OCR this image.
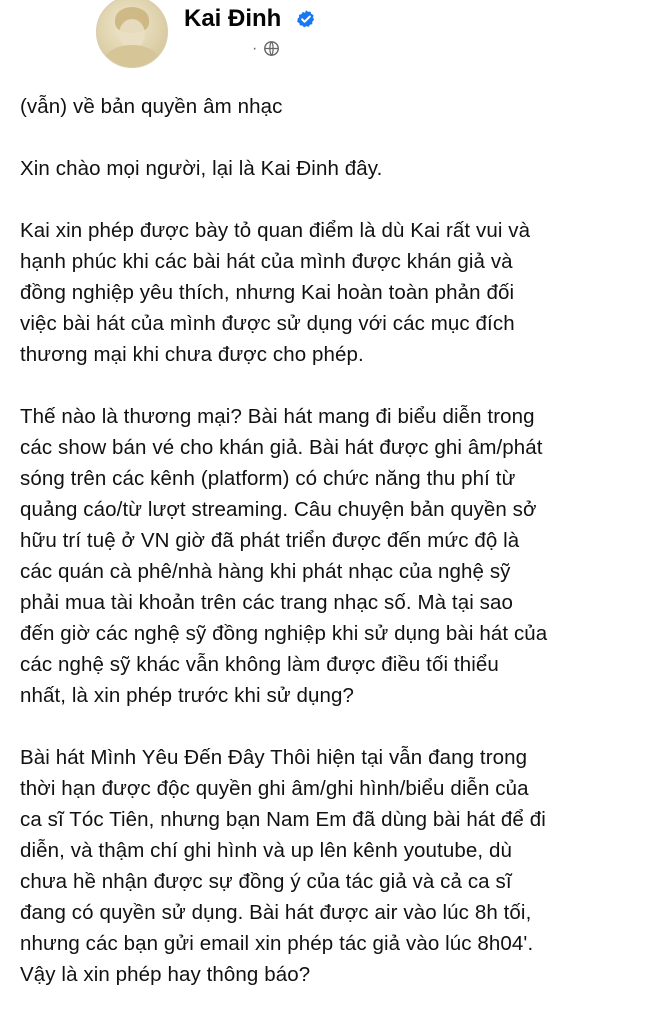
Kai Đinh
·

(vẫn) về bản quyền âm nhạc

Xin chào mọi người, lại là Kai Đinh đây.

Kai xin phép được bày tỏ quan điểm là dù Kai rất vui và
hạnh phúc khi các bài hát của mình được khán giả và
đồng nghiệp yêu thích, nhưng Kai hoàn toàn phản đối
việc bài hát của mình được sử dụng với các mục đích
thương mại khi chưa được cho phép.

Thế nào là thương mại? Bài hát mang đi biểu diễn trong
các show bán vé cho khán giả. Bài hát được ghi âm/phát
sóng trên các kênh (platform) có chức năng thu phí từ
quảng cáo/từ lượt streaming. Câu chuyện bản quyền sở
hữu trí tuệ ở VN giờ đã phát triển được đến mức độ là
các quán cà phê/nhà hàng khi phát nhạc của nghệ sỹ
phải mua tài khoản trên các trang nhạc số. Mà tại sao
đến giờ các nghệ sỹ đồng nghiệp khi sử dụng bài hát của
các nghệ sỹ khác vẫn không làm được điều tối thiểu
nhất, là xin phép trước khi sử dụng?

Bài hát Mình Yêu Đến Đây Thôi hiện tại vẫn đang trong
thời hạn được độc quyền ghi âm/ghi hình/biểu diễn của
ca sĩ Tóc Tiên, nhưng bạn Nam Em đã dùng bài hát để đi
diễn, và thậm chí ghi hình và up lên kênh youtube, dù
chưa hề nhận được sự đồng ý của tác giả và cả ca sĩ
đang có quyền sử dụng. Bài hát được air vào lúc 8h tối,
nhưng các bạn gửi email xin phép tác giả vào lúc 8h04'.
Vậy là xin phép hay thông báo?
